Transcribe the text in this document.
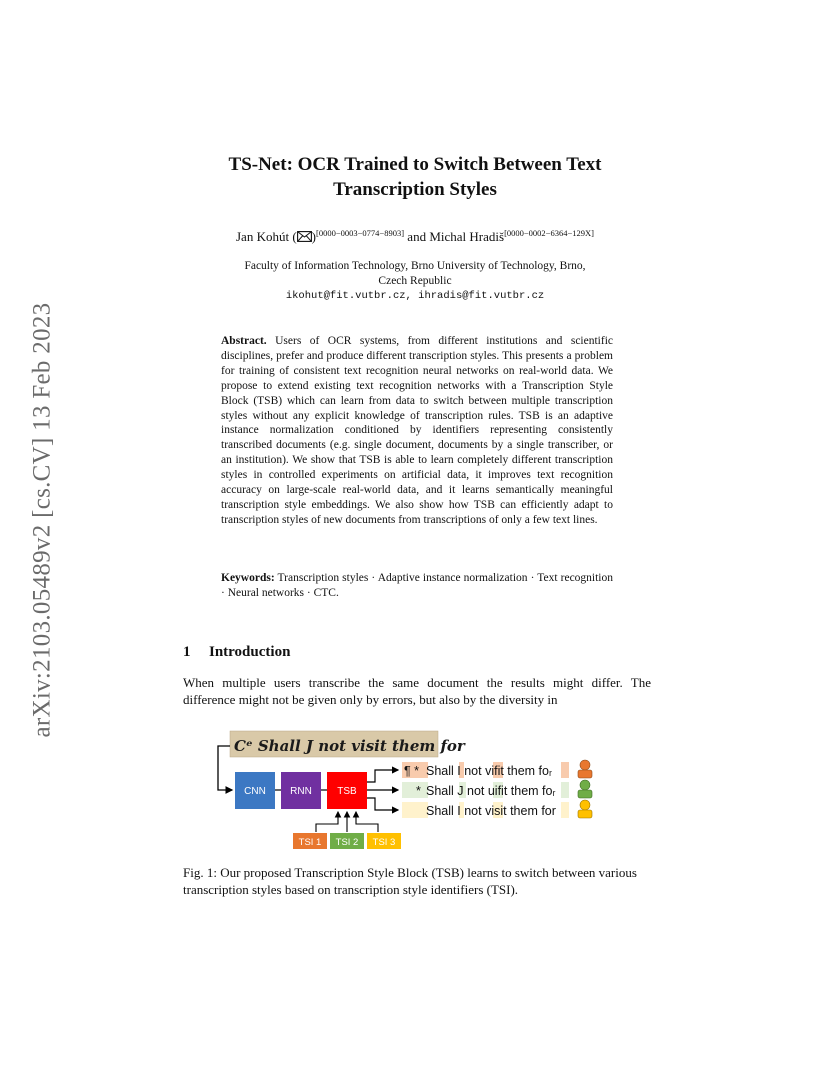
arXiv:2103.05489v2 [cs.CV] 13 Feb 2023
TS-Net: OCR Trained to Switch Between Text
Transcription Styles
Jan Kohút ( )[0000−0003−0774−8903] and Michal Hradiš[0000−0002−6364−129X]
Faculty of Information Technology, Brno University of Technology, Brno,
Czech Republic
ikohut@fit.vutbr.cz, ihradis@fit.vutbr.cz
Abstract. Users of OCR systems, from different institutions and scientific disciplines, prefer and produce different transcription styles. This presents a problem for training of consistent text recognition neural networks on real-world data. We propose to extend existing text recognition networks with a Transcription Style Block (TSB) which can learn from data to switch between multiple transcription styles without any explicit knowledge of transcription rules. TSB is an adaptive instance normalization conditioned by identifiers representing consistently transcribed documents (e.g. single document, documents by a single transcriber, or an institution). We show that TSB is able to learn completely different transcription styles in controlled experiments on artificial data, it improves text recognition accuracy on large-scale real-world data, and it learns semantically meaningful transcription style embeddings. We also show how TSB can efficiently adapt to transcription styles of new documents from transcriptions of only a few text lines.
Keywords: Transcription styles · Adaptive instance normalization · Text recognition · Neural networks · CTC.
1 Introduction
When multiple users transcribe the same document the results might differ. The difference might not be given only by errors, but also by the diversity in
Cᵉ Shall J not visit them for
CNN RNN	TSB
TSI 1 TSI 2 TSI 3
¶ * Shall I not vifit them foᵣ
* Shall J not uifit them foᵣ
Shall I not visit them for
Fig. 1: Our proposed Transcription Style Block (TSB) learns to switch between various transcription styles based on transcription style identifiers (TSI).
